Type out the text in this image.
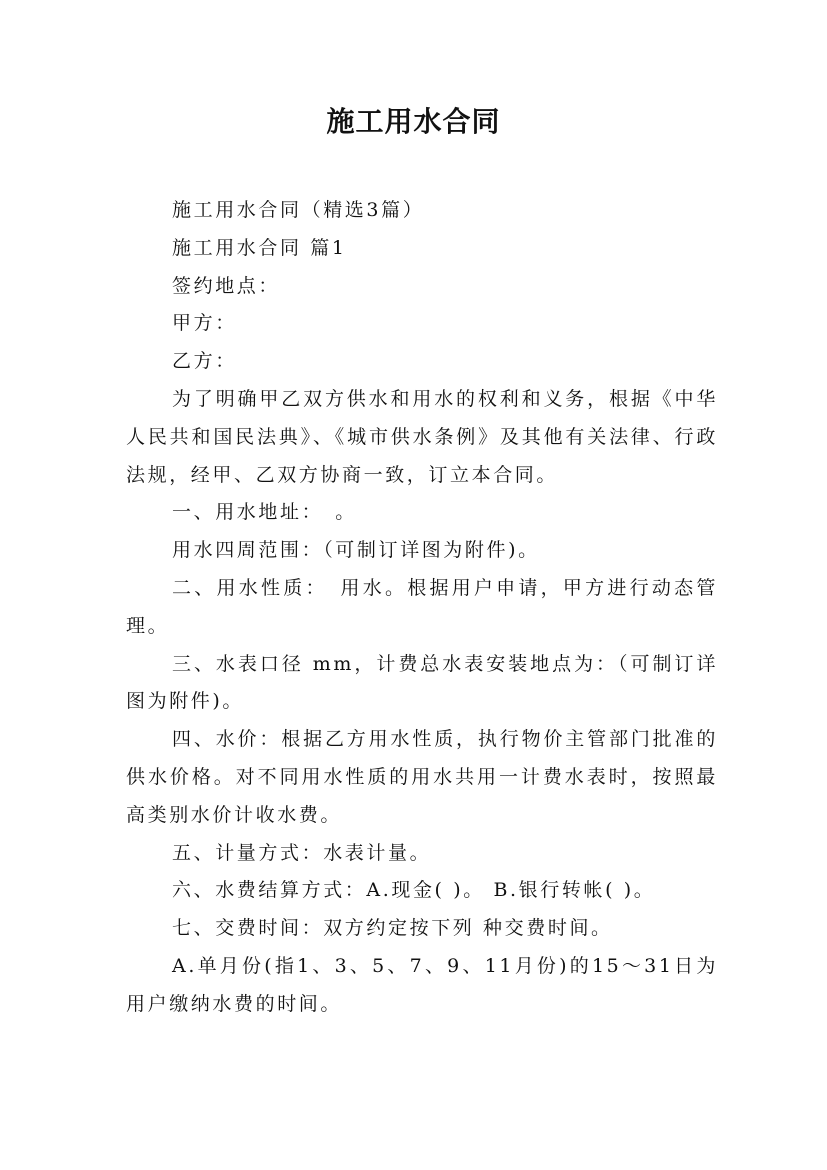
施工用水合同

施工用水合同（精选3篇）

施工用水合同 篇1

签约地点：

甲方：

乙方：

为了明确甲乙双方供水和用水的权利和义务，根据《中华人民共和国民法典》、《城市供水条例》及其他有关法律、行政法规，经甲、乙双方协商一致，订立本合同。

一、用水地址：　。

用水四周范围：（可制订详图为附件)。

二、用水性质：　用水。根据用户申请，甲方进行动态管理。

三、水表口径 mm，计费总水表安装地点为：（可制订详图为附件)。

四、水价：根据乙方用水性质，执行物价主管部门批准的供水价格。对不同用水性质的用水共用一计费水表时，按照最高类别水价计收水费。

五、计量方式：水表计量。

六、水费结算方式：A.现金( )。 B.银行转帐( )。

七、交费时间：双方约定按下列 种交费时间。

A.单月份(指1、3、5、7、9、11月份)的15～31日为用户缴纳水费的时间。
